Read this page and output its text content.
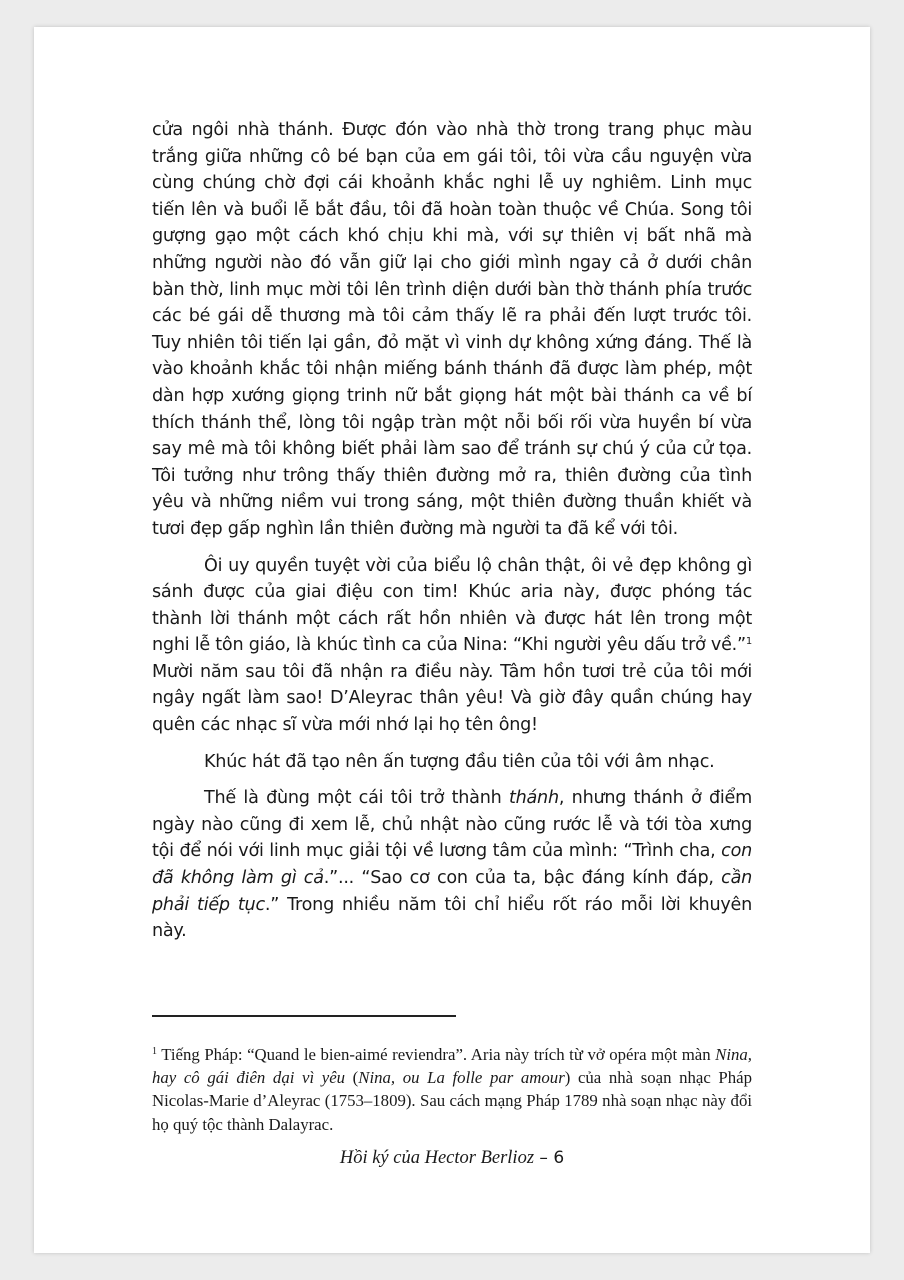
cửa ngôi nhà thánh. Được đón vào nhà thờ trong trang phục màu trắng giữa những cô bé bạn của em gái tôi, tôi vừa cầu nguyện vừa cùng chúng chờ đợi cái khoảnh khắc nghi lễ uy nghiêm. Linh mục tiến lên và buổi lễ bắt đầu, tôi đã hoàn toàn thuộc về Chúa. Song tôi gượng gạo một cách khó chịu khi mà, với sự thiên vị bất nhã mà những người nào đó vẫn giữ lại cho giới mình ngay cả ở dưới chân bàn thờ, linh mục mời tôi lên trình diện dưới bàn thờ thánh phía trước các bé gái dễ thương mà tôi cảm thấy lẽ ra phải đến lượt trước tôi. Tuy nhiên tôi tiến lại gần, đỏ mặt vì vinh dự không xứng đáng. Thế là vào khoảnh khắc tôi nhận miếng bánh thánh đã được làm phép, một dàn hợp xướng giọng trinh nữ bắt giọng hát một bài thánh ca về bí thích thánh thể, lòng tôi ngập tràn một nỗi bối rối vừa huyền bí vừa say mê mà tôi không biết phải làm sao để tránh sự chú ý của cử tọa. Tôi tưởng như trông thấy thiên đường mở ra, thiên đường của tình yêu và những niềm vui trong sáng, một thiên đường thuần khiết và tươi đẹp gấp nghìn lần thiên đường mà người ta đã kể với tôi.

Ôi uy quyền tuyệt vời của biểu lộ chân thật, ôi vẻ đẹp không gì sánh được của giai điệu con tim! Khúc aria này, được phóng tác thành lời thánh một cách rất hồn nhiên và được hát lên trong một nghi lễ tôn giáo, là khúc tình ca của Nina: “Khi người yêu dấu trở về.”$^1$ Mười năm sau tôi đã nhận ra điều này. Tâm hồn tươi trẻ của tôi mới ngây ngất làm sao! D’Aleyrac thân yêu! Và giờ đây quần chúng hay quên các nhạc sĩ vừa mới nhớ lại họ tên ông!

Khúc hát đã tạo nên ấn tượng đầu tiên của tôi với âm nhạc.

Thế là đùng một cái tôi trở thành thánh, nhưng thánh ở điểm ngày nào cũng đi xem lễ, chủ nhật nào cũng rước lễ và tới tòa xưng tội để nói với linh mục giải tội về lương tâm của mình: “Trình cha, con đã không làm gì cả.”... “Sao cơ con của ta, bậc đáng kính đáp, cần phải tiếp tục.” Trong nhiều năm tôi chỉ hiểu rốt ráo mỗi lời khuyên này.

$^1$ Tiếng Pháp: “Quand le bien-aimé reviendra”. Aria này trích từ vở opéra một màn Nina, hay cô gái điên dại vì yêu (Nina, ou La folle par amour) của nhà soạn nhạc Pháp Nicolas-Marie d’Aleyrac (1753–1809). Sau cách mạng Pháp 1789 nhà soạn nhạc này đổi họ quý tộc thành Dalayrac.
Hồi ký của Hector Berlioz – 6
